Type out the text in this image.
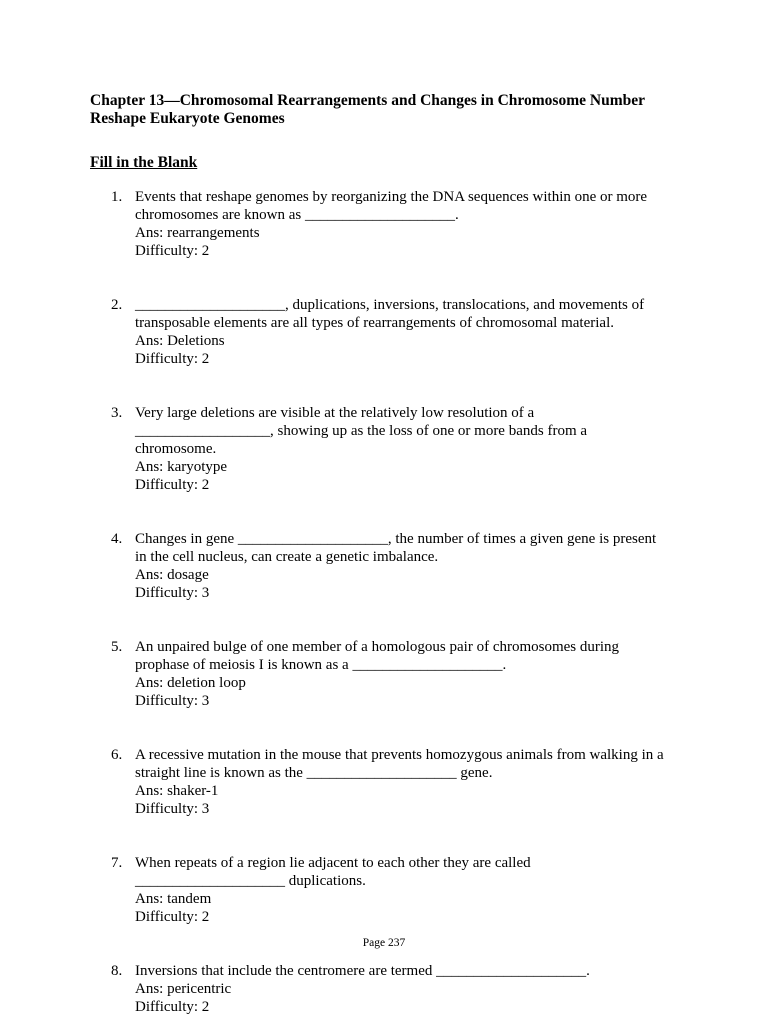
Chapter 13—Chromosomal Rearrangements and Changes in Chromosome Number
Reshape Eukaryote Genomes
Fill in the Blank
1. Events that reshape genomes by reorganizing the DNA sequences within one or more
chromosomes are known as ____________________.
Ans: rearrangements
Difficulty: 2
2. ____________________, duplications, inversions, translocations, and movements of
transposable elements are all types of rearrangements of chromosomal material.
Ans: Deletions
Difficulty: 2
3. Very large deletions are visible at the relatively low resolution of a
__________________, showing up as the loss of one or more bands from a
chromosome.
Ans: karyotype
Difficulty: 2
4. Changes in gene ____________________, the number of times a given gene is present
in the cell nucleus, can create a genetic imbalance.
Ans: dosage
Difficulty: 3
5. An unpaired bulge of one member of a homologous pair of chromosomes during
prophase of meiosis I is known as a ____________________.
Ans: deletion loop
Difficulty: 3
6. A recessive mutation in the mouse that prevents homozygous animals from walking in a
straight line is known as the ____________________ gene.
Ans: shaker-1
Difficulty: 3
7. When repeats of a region lie adjacent to each other they are called
____________________ duplications.
Ans: tandem
Difficulty: 2
8. Inversions that include the centromere are termed ____________________.
Ans: pericentric
Difficulty: 2
Page 237
